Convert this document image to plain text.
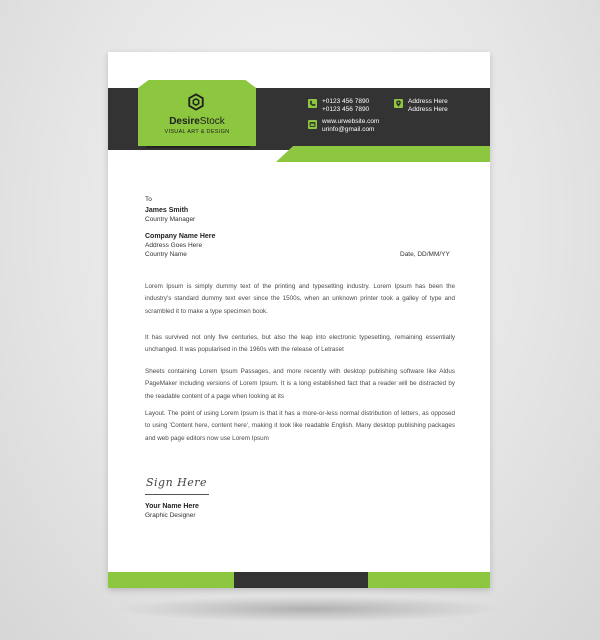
DesireStock
VISUAL ART & DESIGN
+0123 456 7890
+0123 456 7890
Address Here
Address Here
www.urwebsite.com
urinfo@gmail.com
To
James Smith
Country Manager
Company Name Here
Address Goes Here
Country Name	Date, DD/MM/YY
Lorem Ipsum is simply dummy text of the printing and typesetting industry. Lorem Ipsum has been the industry's standard dummy text ever since the 1500s, when an unknown printer took a galley of type and scrambled it to make a type specimen book.
It has survived not only five centuries, but also the leap into electronic typesetting, remaining essentially unchanged. It was popularised in the 1960s with the release of Letraset
Sheets containing Lorem Ipsum Passages, and more recently with desktop publishing software like Aldus PageMaker including versions of Lorem Ipsum. It is a long established fact that a reader will be distracted by the readable content of a page when looking at its
Layout. The point of using Lorem Ipsum is that it has a more-or-less normal distribution of letters, as opposed to using 'Content here, content here', making it look like readable English. Many desktop publishing packages and web page editors now use Lorem Ipsum
Sign Here
Your Name Here
Graphic Designer
